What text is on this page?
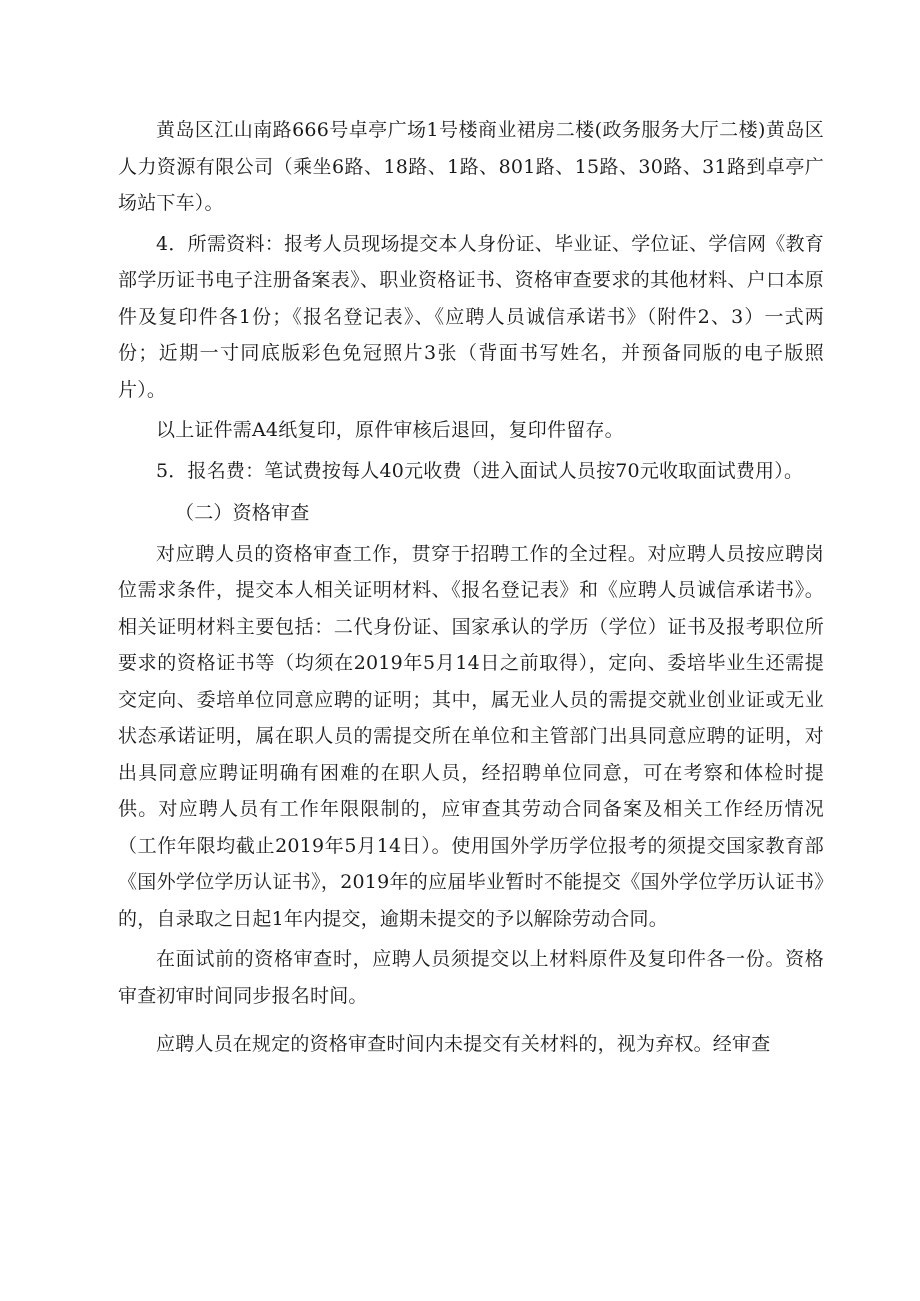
黄岛区江山南路666号卓亭广场1号楼商业裙房二楼(政务服务大厅二楼)黄岛区人力资源有限公司（乘坐6路、18路、1路、801路、15路、30路、31路到卓亭广场站下车）。

4．所需资料：报考人员现场提交本人身份证、毕业证、学位证、学信网《教育部学历证书电子注册备案表》、职业资格证书、资格审查要求的其他材料、户口本原件及复印件各1份；《报名登记表》、《应聘人员诚信承诺书》（附件2、3）一式两份；近期一寸同底版彩色免冠照片3张（背面书写姓名，并预备同版的电子版照片）。

以上证件需A4纸复印，原件审核后退回，复印件留存。

5．报名费：笔试费按每人40元收费（进入面试人员按70元收取面试费用）。

（二）资格审查

对应聘人员的资格审查工作，贯穿于招聘工作的全过程。对应聘人员按应聘岗位需求条件，提交本人相关证明材料、《报名登记表》和《应聘人员诚信承诺书》。相关证明材料主要包括：二代身份证、国家承认的学历（学位）证书及报考职位所要求的资格证书等（均须在2019年5月14日之前取得），定向、委培毕业生还需提交定向、委培单位同意应聘的证明；其中，属无业人员的需提交就业创业证或无业状态承诺证明，属在职人员的需提交所在单位和主管部门出具同意应聘的证明，对出具同意应聘证明确有困难的在职人员，经招聘单位同意，可在考察和体检时提供。对应聘人员有工作年限限制的，应审查其劳动合同备案及相关工作经历情况（工作年限均截止2019年5月14日）。使用国外学历学位报考的须提交国家教育部《国外学位学历认证书》，2019年的应届毕业暂时不能提交《国外学位学历认证书》的，自录取之日起1年内提交，逾期未提交的予以解除劳动合同。

在面试前的资格审查时，应聘人员须提交以上材料原件及复印件各一份。资格审查初审时间同步报名时间。

应聘人员在规定的资格审查时间内未提交有关材料的，视为弃权。经审查
